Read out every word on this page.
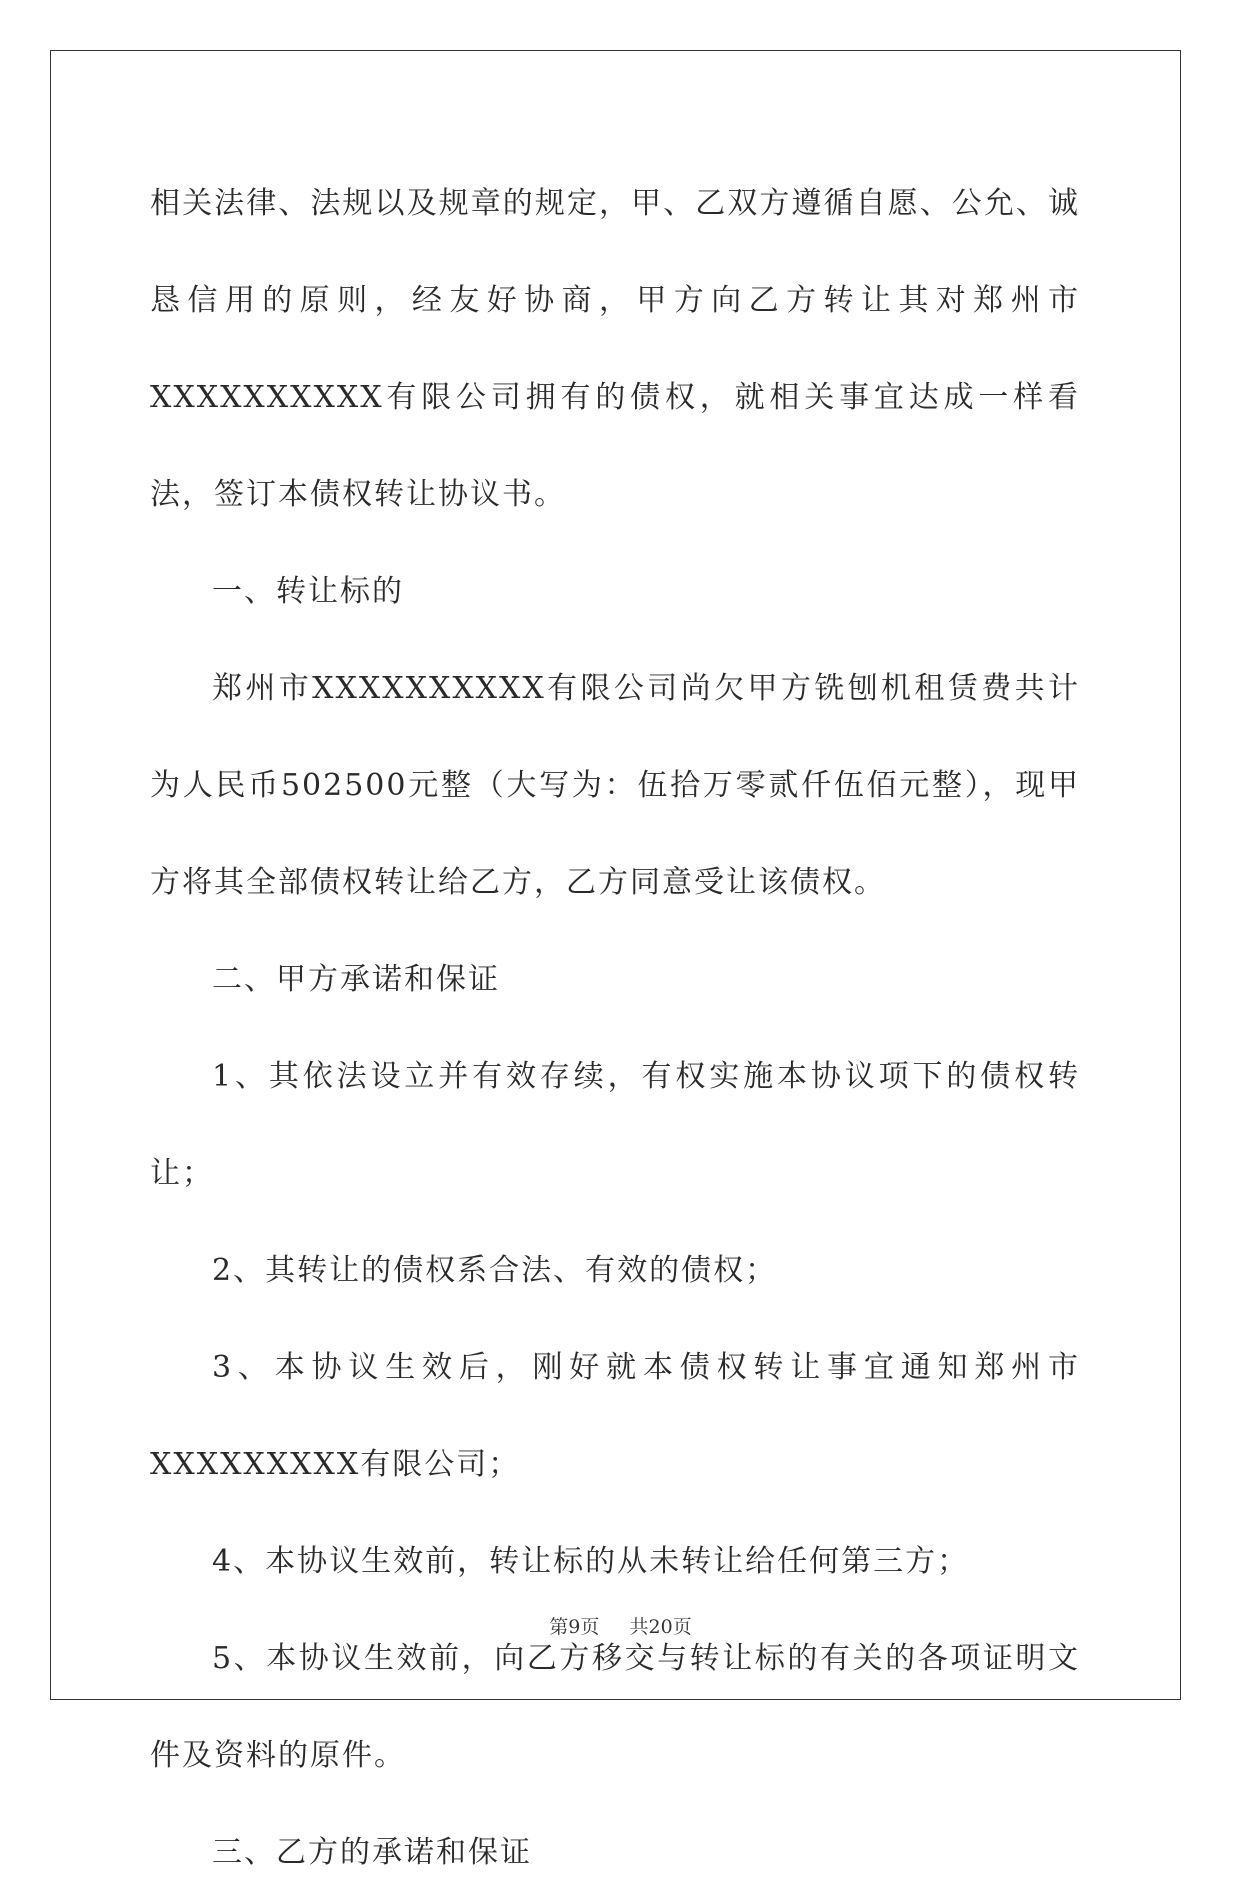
相关法律、法规以及规章的规定，甲、乙双方遵循自愿、公允、诚恳信用的原则，经友好协商，甲方向乙方转让其对郑州市XXXXXXXXXX有限公司拥有的债权，就相关事宜达成一样看法，签订本债权转让协议书。

一、转让标的

郑州市XXXXXXXXXX有限公司尚欠甲方铣刨机租赁费共计为人民币502500元整（大写为：伍拾万零贰仟伍佰元整），现甲方将其全部债权转让给乙方，乙方同意受让该债权。

二、甲方承诺和保证

1、其依法设立并有效存续，有权实施本协议项下的债权转让；

2、其转让的债权系合法、有效的债权；

3、本协议生效后，刚好就本债权转让事宜通知郑州市XXXXXXXXX有限公司；

4、本协议生效前，转让标的从未转让给任何第三方；

5、本协议生效前，向乙方移交与转让标的有关的各项证明文件及资料的原件。

三、乙方的承诺和保证

第9页 共20页
